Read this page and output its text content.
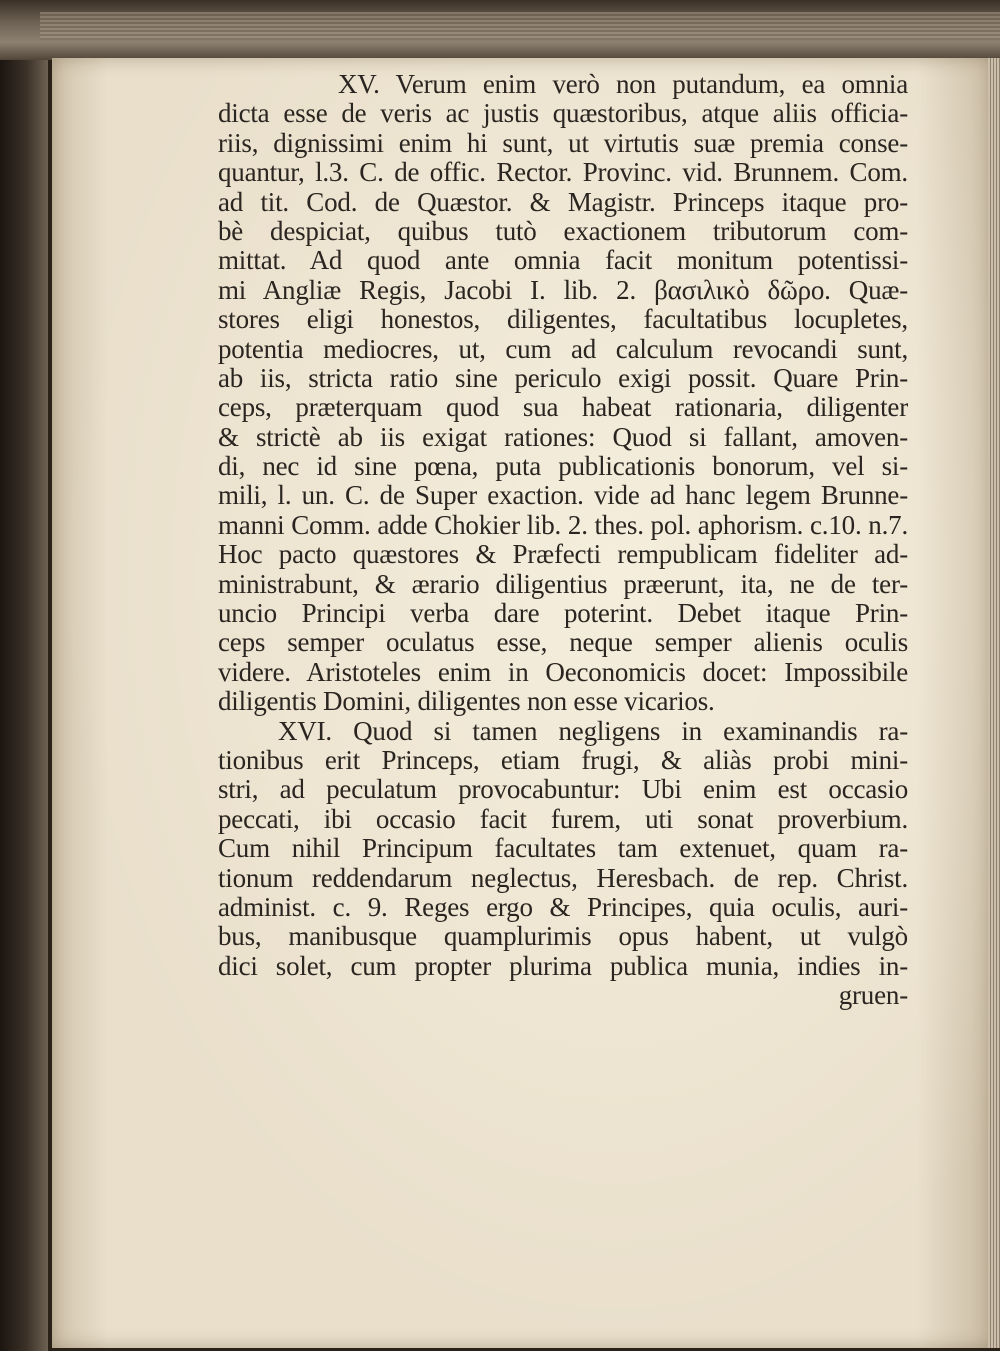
XV. Verum enim verò non putandum, ea omnia
dicta esse de veris ac justis quæstoribus, atque aliis officia-
riis, dignissimi enim hi sunt, ut virtutis suæ premia conse-
quantur, l.3. C. de offic. Rector. Provinc. vid. Brunnem. Com.
ad tit. Cod. de Quæstor. & Magistr. Princeps itaque pro-
bè despiciat, quibus tutò exactionem tributorum com-
mittat. Ad quod ante omnia facit monitum potentissi-
mi Angliæ Regis, Jacobi I. lib. 2. βασιλικὸ δῶρο. Quæ-
stores eligi honestos, diligentes, facultatibus locupletes,
potentia mediocres, ut, cum ad calculum revocandi sunt,
ab iis, stricta ratio sine periculo exigi possit. Quare Prin-
ceps, præterquam quod sua habeat rationaria, diligenter
& strictè ab iis exigat rationes: Quod si fallant, amoven-
di, nec id sine pœna, puta publicationis bonorum, vel si-
mili, l. un. C. de Super exaction. vide ad hanc legem Brunne-
manni Comm. adde Chokier lib. 2. thes. pol. aphorism. c.10. n.7.
Hoc pacto quæstores & Præfecti rempublicam fideliter ad-
ministrabunt, & ærario diligentius præerunt, ita, ne de ter-
uncio Principi verba dare poterint. Debet itaque Prin-
ceps semper oculatus esse, neque semper alienis oculis
videre. Aristoteles enim in Oeconomicis docet: Impossibile
diligentis Domini, diligentes non esse vicarios.
XVI. Quod si tamen negligens in examinandis ra-
tionibus erit Princeps, etiam frugi, & aliàs probi mini-
stri, ad peculatum provocabuntur: Ubi enim est occasio
peccati, ibi occasio facit furem, uti sonat proverbium.
Cum nihil Principum facultates tam extenuet, quam ra-
tionum reddendarum neglectus, Heresbach. de rep. Christ.
administ. c. 9. Reges ergo & Principes, quia oculis, auri-
bus, manibusque quamplurimis opus habent, ut vulgò
dici solet, cum propter plurima publica munia, indies in-
gruen-
